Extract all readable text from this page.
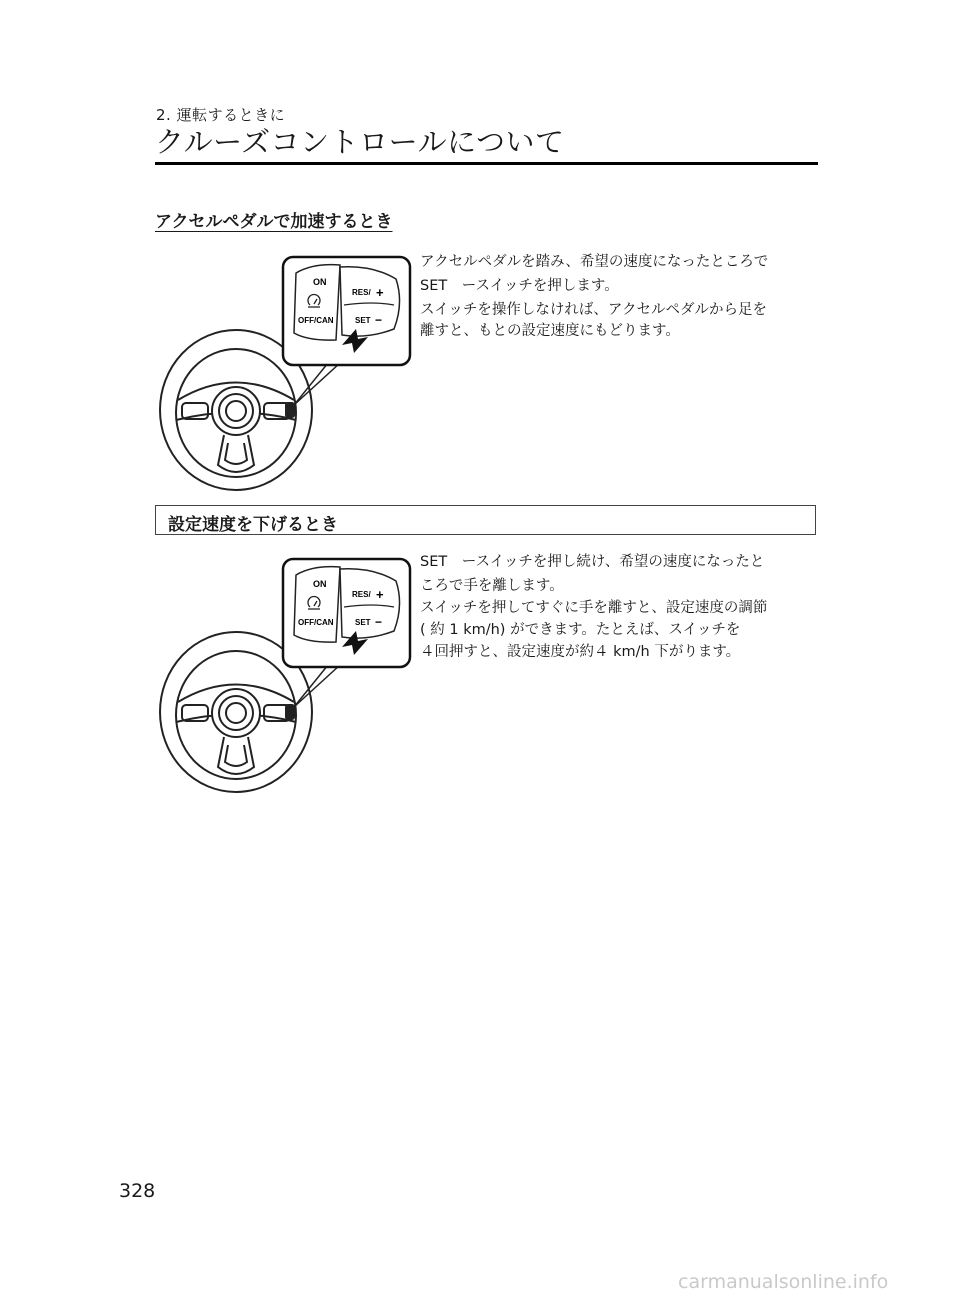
2. 運転するときに
クルーズコントロールについて
アクセルペダルで加速するとき
ON
OFF/CAN
RES/ +
SET −
アクセルペダルを踏み、希望の速度になったところで
SET　ースイッチを押します。
スイッチを操作しなければ、アクセルペダルから足を
離すと、もとの設定速度にもどります。
設定速度を下げるとき
ON
OFF/CAN
RES/ +
SET −
SET　ースイッチを押し続け、希望の速度になったと
ころで手を離します。
スイッチを押してすぐに手を離すと、設定速度の調節
( 約 1 km/h) ができます。たとえば、スイッチを
４回押すと、設定速度が約４ km/h 下がります。
328
carmanualsonline.info
